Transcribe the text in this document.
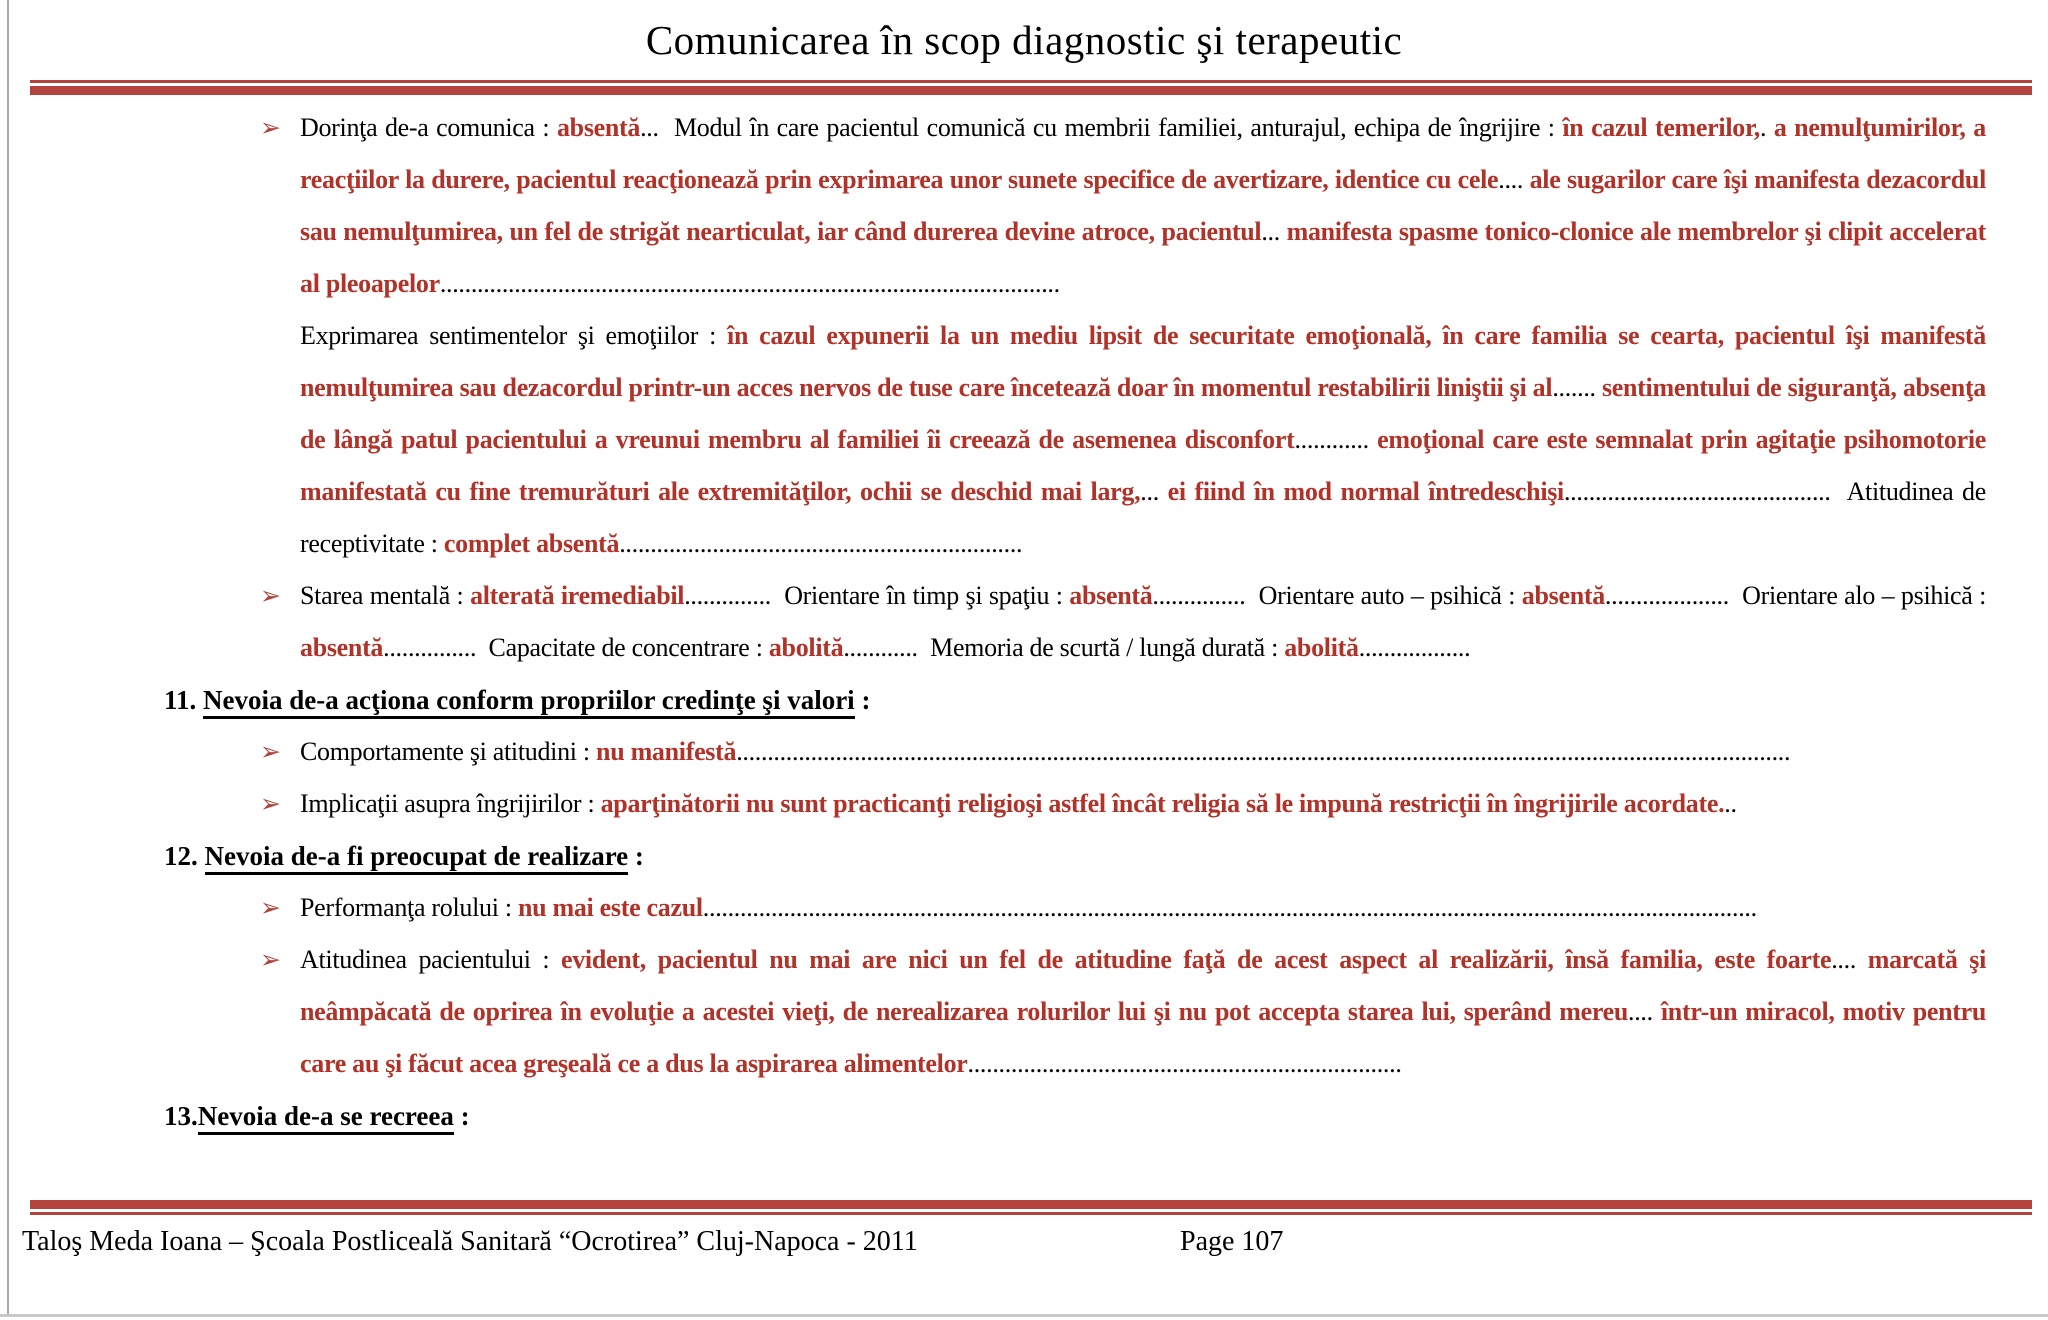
Comunicarea în scop diagnostic şi terapeutic

➢ Dorinţa de-a comunica : absentă...  Modul în care pacientul comunică cu membrii familiei, anturajul, echipa de îngrijire : în cazul temerilor,. a nemulţumirilor, a reacţiilor la durere, pacientul reacţionează prin exprimarea unor sunete specifice de avertizare, identice cu cele.... ale sugarilor care îşi manifesta dezacordul sau nemulţumirea, un fel de strigăt nearticulat, iar când durerea devine atroce, pacientul... manifesta spasme tonico-clonice ale membrelor şi clipit accelerat al pleoapelor....................................................................................................

Exprimarea sentimentelor şi emoţiilor : în cazul expunerii la un mediu lipsit de securitate emoţională, în care familia se cearta, pacientul îşi manifestă nemulţumirea sau dezacordul printr-un acces nervos de tuse care încetează doar în momentul restabilirii liniştii şi al....... sentimentului de siguranţă, absenţa de lângă patul pacientului a vreunui membru al familiei îi creează de asemenea disconfort............ emoţional care este semnalat prin agitaţie psihomotorie manifestată cu fine tremurături ale extremităţilor, ochii se deschid mai larg,... ei fiind în mod normal întredeschişi...........................................  Atitudinea de receptivitate : complet absentă.................................................................

➢ Starea mentală : alterată iremediabil..............  Orientare în timp şi spaţiu : absentă...............  Orientare auto – psihică : absentă....................  Orientare alo – psihică : absentă...............  Capacitate de concentrare : abolită............  Memoria de scurtă / lungă durată : abolită..................

11. Nevoia de-a acţiona conform propriilor credinţe şi valori :

➢ Comportamente şi atitudini : nu manifestă..........................................................................................................................................................................

➢ Implicaţii asupra îngrijirilor : aparţinătorii nu sunt practicanţi religioşi astfel încât religia să le impună restricţii în îngrijirile acordate...

12. Nevoia de-a fi preocupat de realizare :

➢ Performanţa rolului : nu mai este cazul..........................................................................................................................................................................

➢ Atitudinea pacientului : evident, pacientul nu mai are nici un fel de atitudine faţă de acest aspect al realizării, însă familia, este foarte.... marcată şi neâmpăcată de oprirea în evoluţie a acestei vieţi, de nerealizarea rolurilor lui şi nu pot accepta starea lui, sperând mereu.... într-un miracol, motiv pentru care au şi făcut acea greşeală ce a dus la aspirarea alimentelor......................................................................

13.Nevoia de-a se recreea :

Taloş Meda Ioana – Şcoala Postliceală Sanitară “Ocrotirea” Cluj-Napoca - 2011	Page 107
